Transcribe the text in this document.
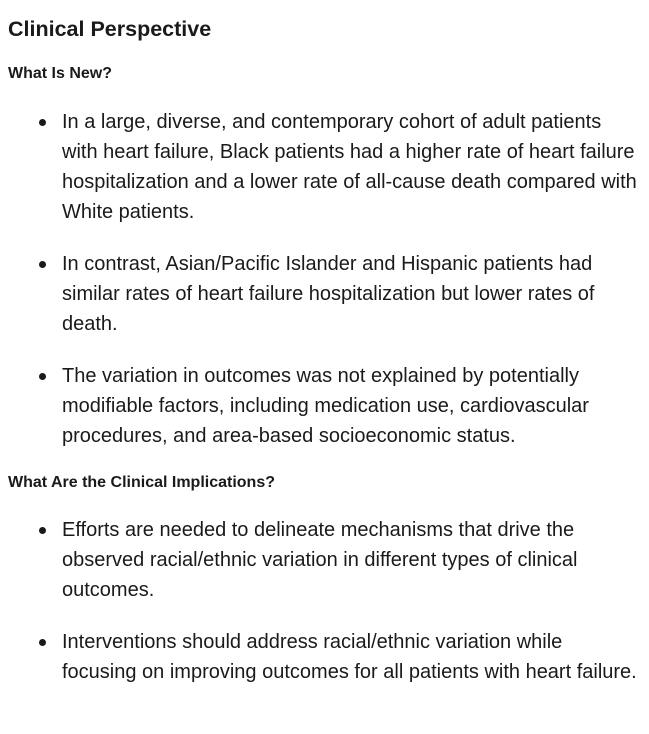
Clinical Perspective
What Is New?
In a large, diverse, and contemporary cohort of adult patients with heart failure, Black patients had a higher rate of heart failure hospitalization and a lower rate of all-cause death compared with White patients.
In contrast, Asian/Pacific Islander and Hispanic patients had similar rates of heart failure hospitalization but lower rates of death.
The variation in outcomes was not explained by potentially modifiable factors, including medication use, cardiovascular procedures, and area-based socioeconomic status.
What Are the Clinical Implications?
Efforts are needed to delineate mechanisms that drive the observed racial/ethnic variation in different types of clinical outcomes.
Interventions should address racial/ethnic variation while focusing on improving outcomes for all patients with heart failure.
